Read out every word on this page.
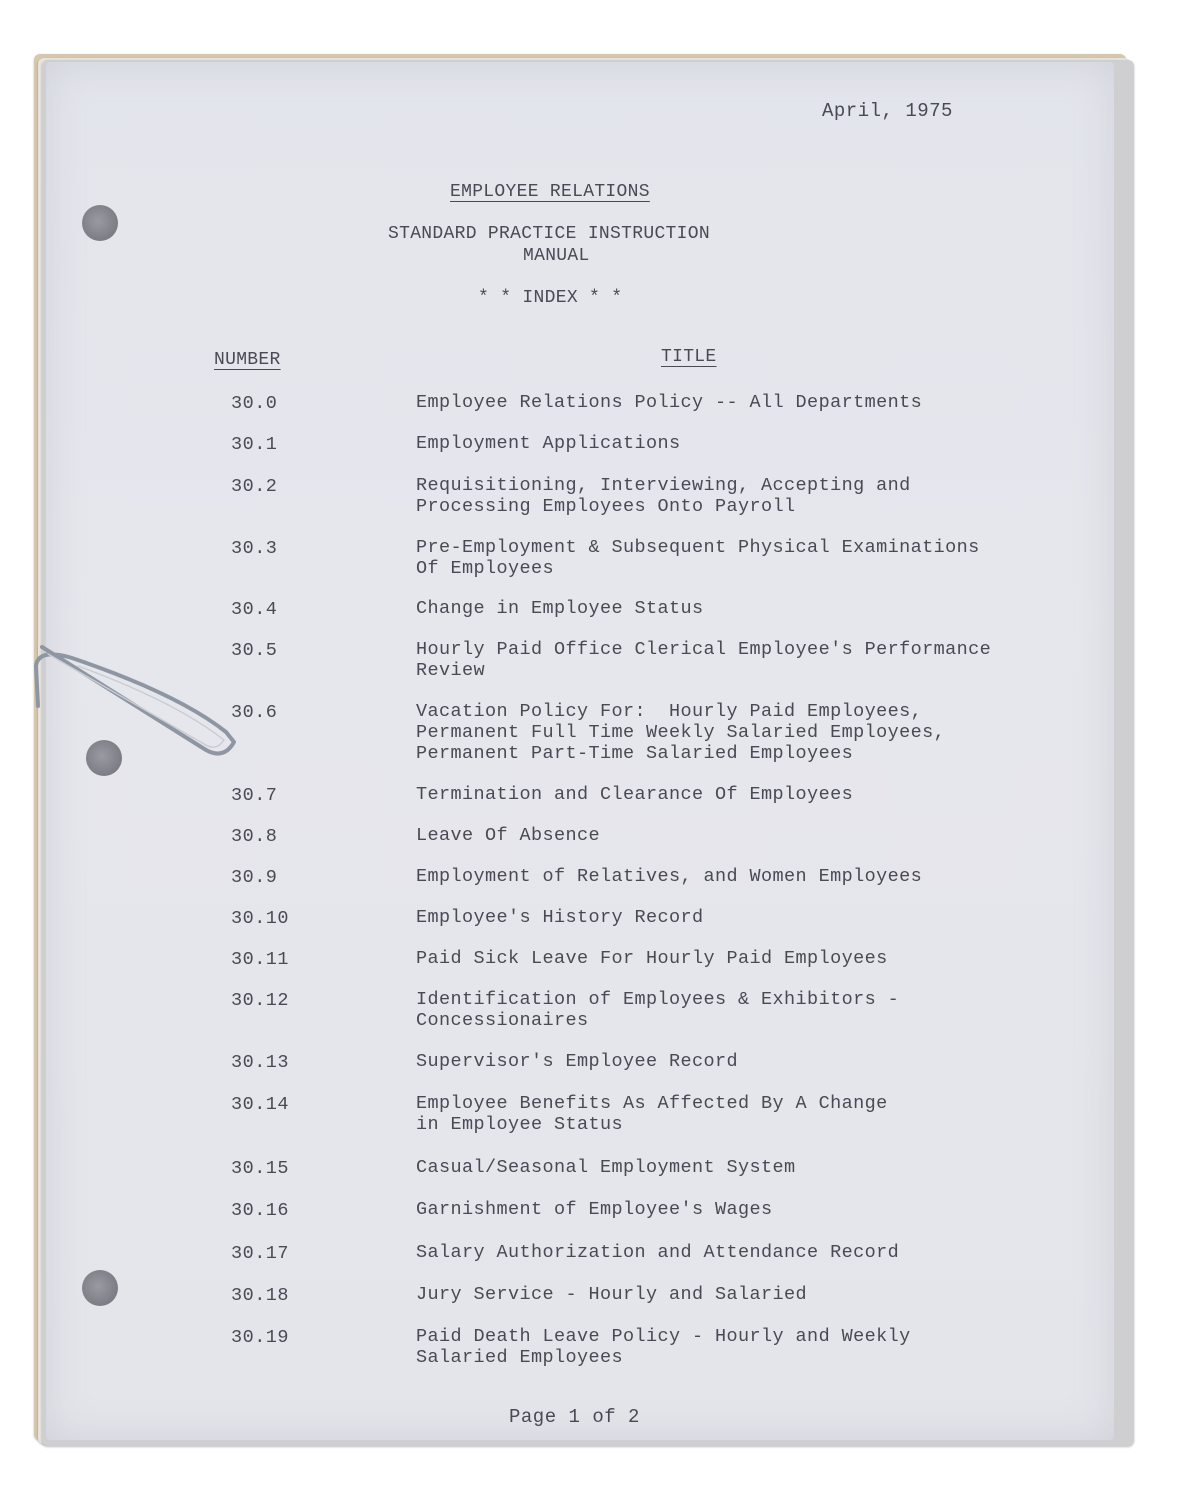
April, 1975
EMPLOYEE RELATIONS
STANDARD PRACTICE INSTRUCTION
MANUAL
* * INDEX * *
NUMBER	TITLE
30.0	Employee Relations Policy -- All Departments
30.1	Employment Applications
30.2	Requisitioning, Interviewing, Accepting and
Processing Employees Onto Payroll
30.3	Pre-Employment & Subsequent Physical Examinations
Of Employees
30.4	Change in Employee Status
30.5	Hourly Paid Office Clerical Employee's Performance
Review
30.6	Vacation Policy For:  Hourly Paid Employees,
Permanent Full Time Weekly Salaried Employees,
Permanent Part-Time Salaried Employees
30.7	Termination and Clearance Of Employees
30.8	Leave Of Absence
30.9	Employment of Relatives, and Women Employees
30.10	Employee's History Record
30.11	Paid Sick Leave For Hourly Paid Employees
30.12	Identification of Employees & Exhibitors -
Concessionaires
30.13	Supervisor's Employee Record
30.14	Employee Benefits As Affected By A Change
in Employee Status
30.15	Casual/Seasonal Employment System
30.16	Garnishment of Employee's Wages
30.17	Salary Authorization and Attendance Record
30.18	Jury Service - Hourly and Salaried
30.19	Paid Death Leave Policy - Hourly and Weekly
Salaried Employees
Page 1 of 2
